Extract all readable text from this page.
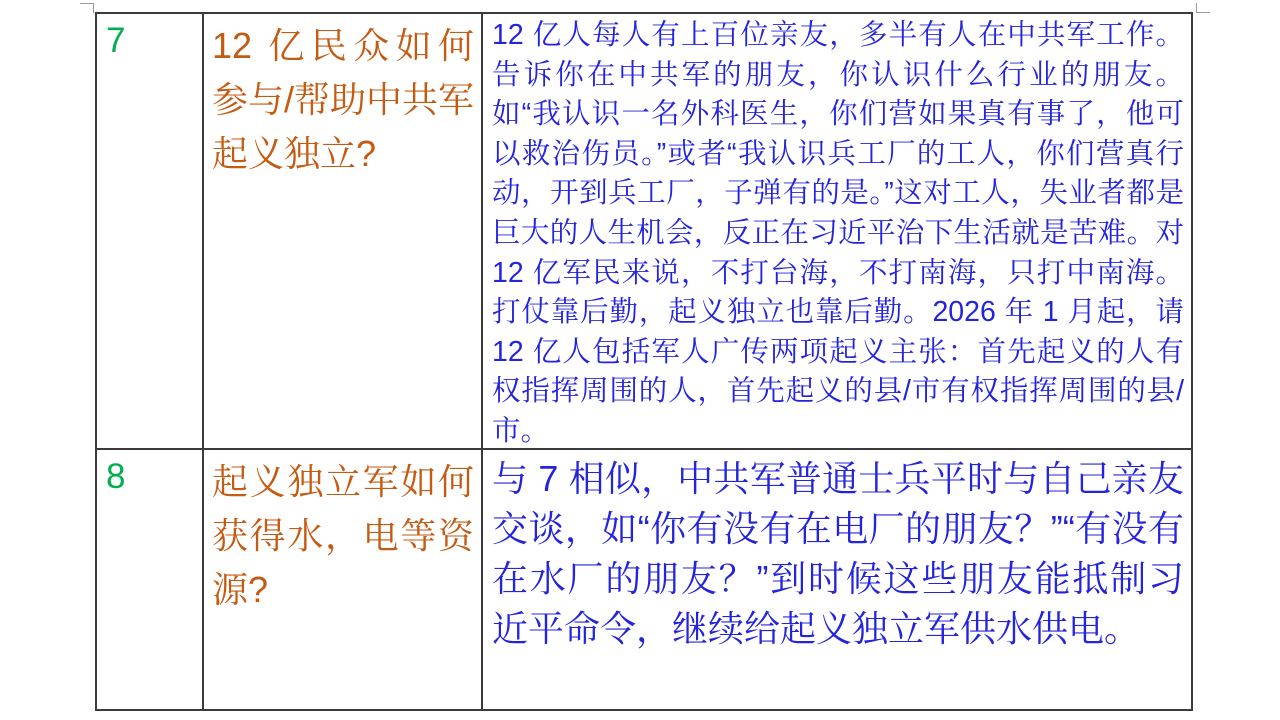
7	12 亿民众如何参与/帮助中共军起义独立?
12 亿人每人有上百位亲友，多半有人在中共军工作。告诉你在中共军的朋友，你认识什么行业的朋友。如“我认识一名外科医生，你们营如果真有事了，他可以救治伤员。”或者“我认识兵工厂的工人，你们营真行动，开到兵工厂，子弹有的是。”这对工人，失业者都是巨大的人生机会，反正在习近平治下生活就是苦难。对 12 亿军民来说，不打台海，不打南海，只打中南海。打仗靠后勤，起义独立也靠后勤。2026 年 1 月起，请 12 亿人包括军人广传两项起义主张：首先起义的人有权指挥周围的人，首先起义的县/市有权指挥周围的县/市。
8	起义独立军如何获得水，电等资源?
与 7 相似，中共军普通士兵平时与自己亲友交谈，如“你有没有在电厂的朋友？”“有没有在水厂的朋友？”到时候这些朋友能抵制习近平命令，继续给起义独立军供水供电。
